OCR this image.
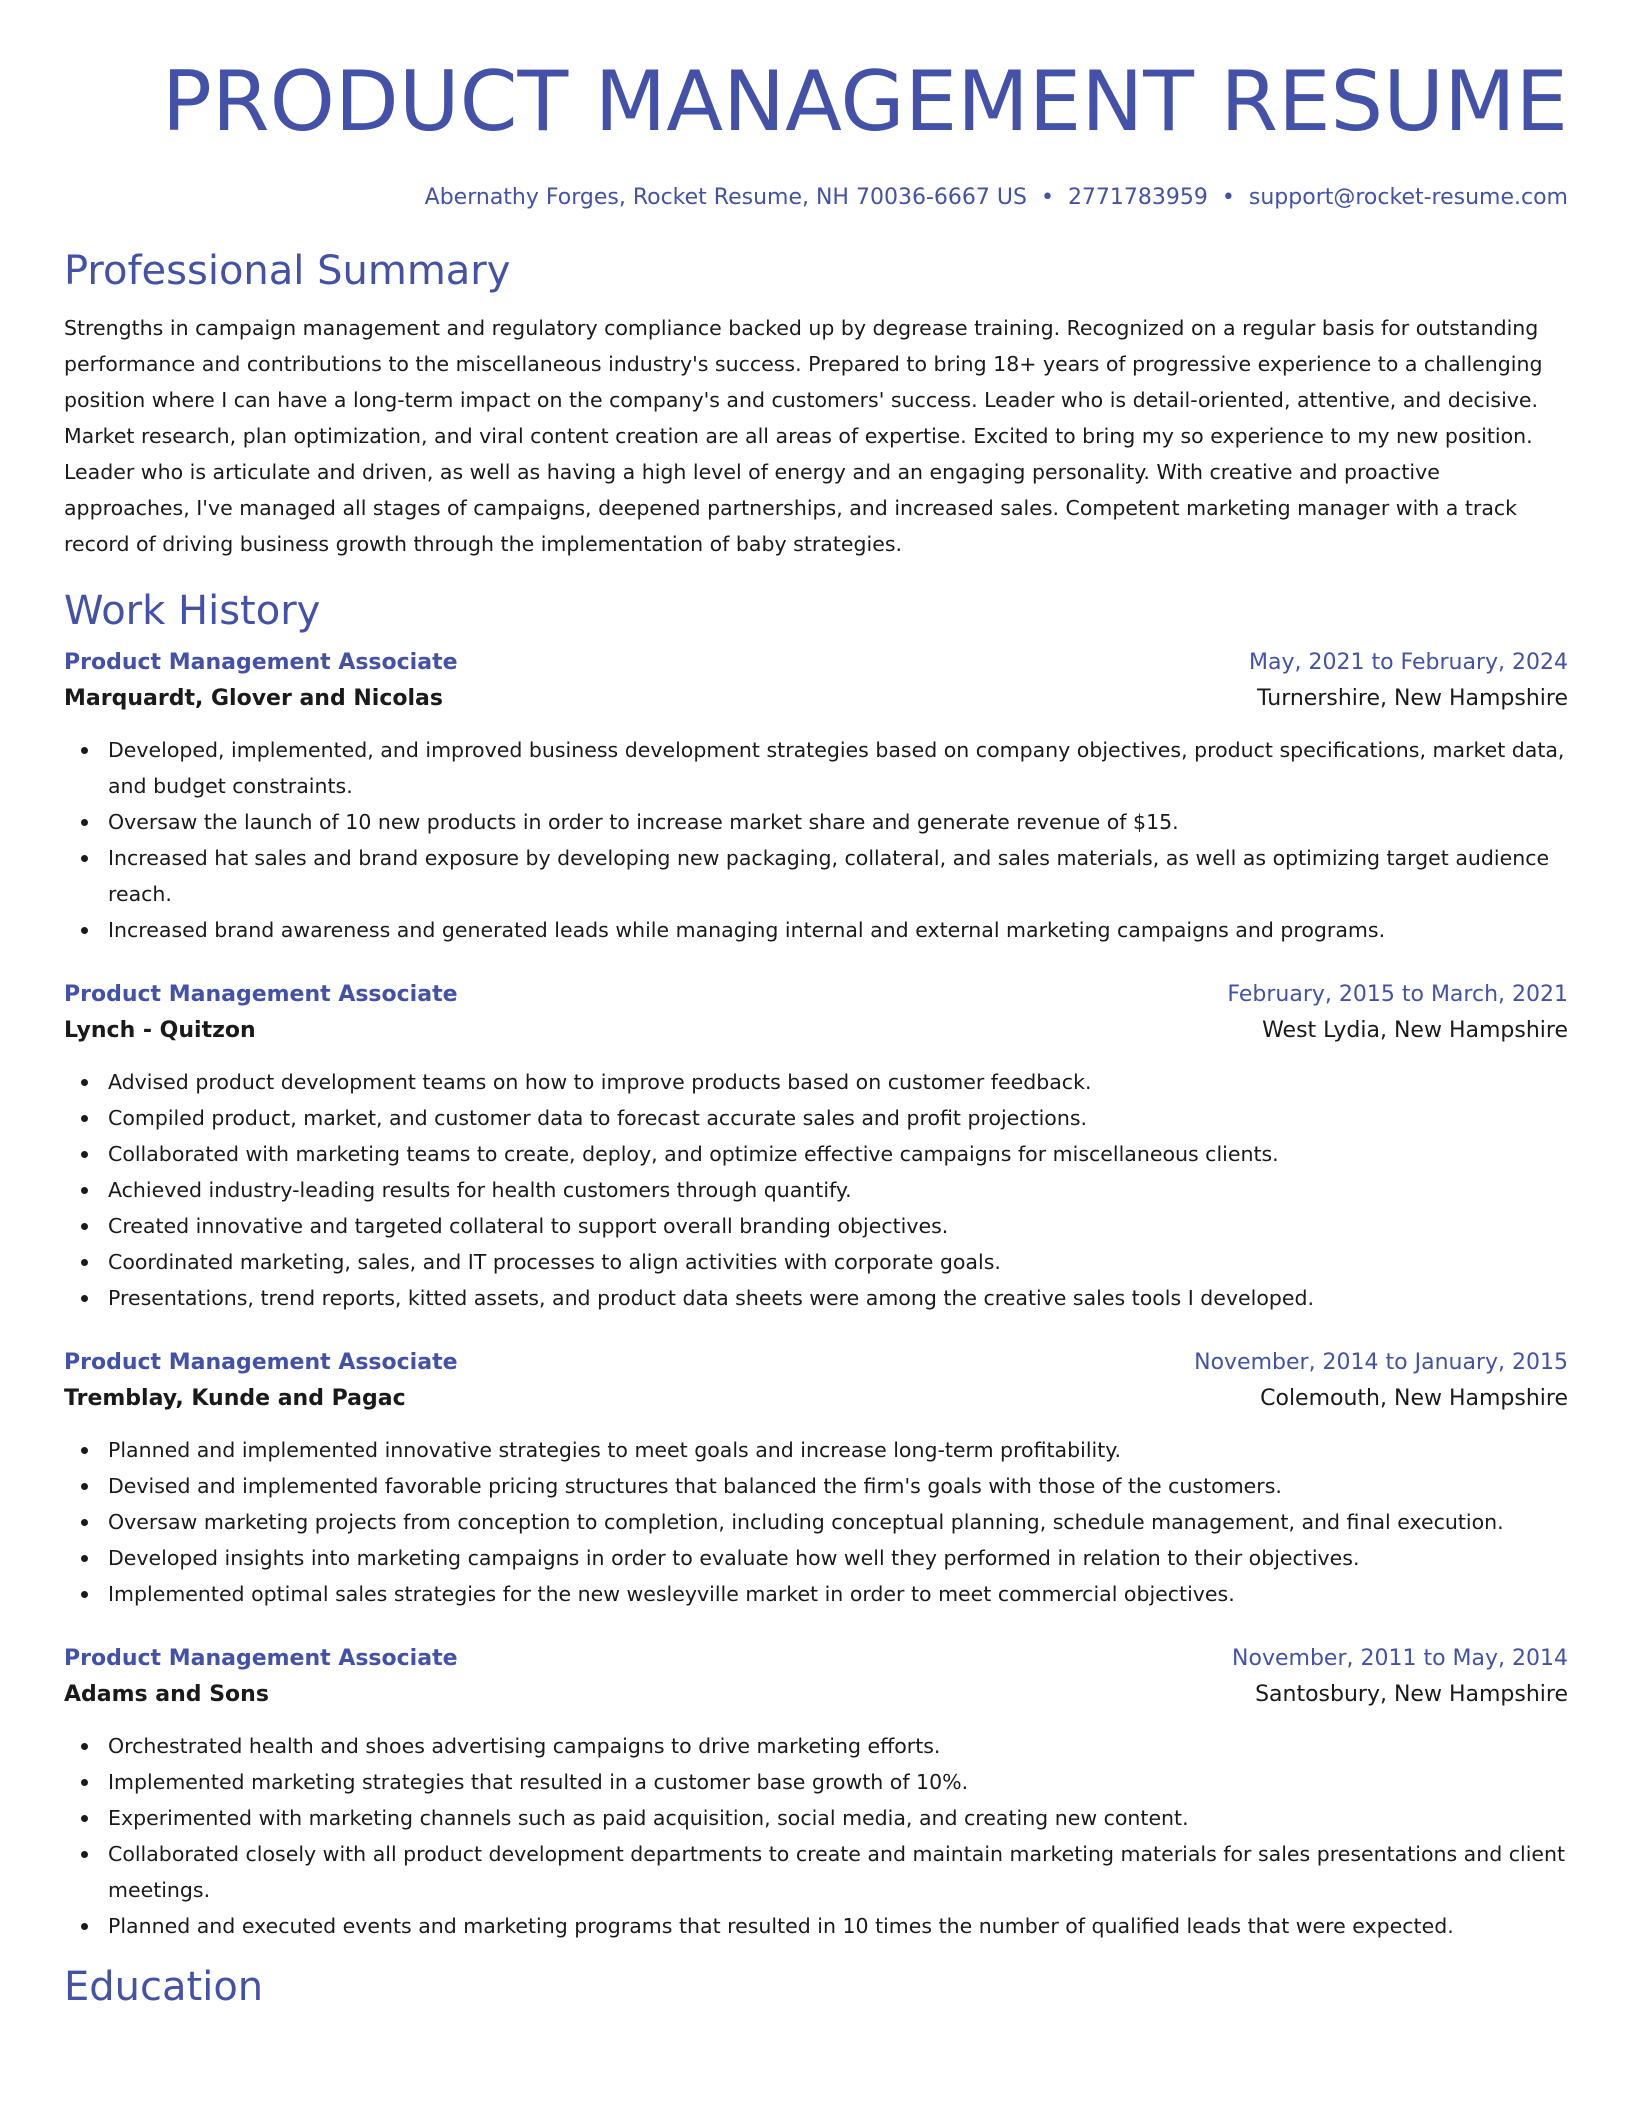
PRODUCT MANAGEMENT RESUME
Abernathy Forges, Rocket Resume, NH 70036-6667 US • 2771783959 • support@rocket-resume.com
Professional Summary

Strengths in campaign management and regulatory compliance backed up by degrease training. Recognized on a regular basis for outstanding performance and contributions to the miscellaneous industry's success. Prepared to bring 18+ years of progressive experience to a challenging position where I can have a long-term impact on the company's and customers' success. Leader who is detail-oriented, attentive, and decisive. Market research, plan optimization, and viral content creation are all areas of expertise. Excited to bring my so experience to my new position. Leader who is articulate and driven, as well as having a high level of energy and an engaging personality. With creative and proactive approaches, I've managed all stages of campaigns, deepened partnerships, and increased sales. Competent marketing manager with a track record of driving business growth through the implementation of baby strategies.

Work History
Product Management Associate	May, 2021 to February, 2024
Marquardt, Glover and Nicolas	Turnershire, New Hampshire
Developed, implemented, and improved business development strategies based on company objectives, product specifications, market data, and budget constraints.
Oversaw the launch of 10 new products in order to increase market share and generate revenue of $15.
Increased hat sales and brand exposure by developing new packaging, collateral, and sales materials, as well as optimizing target audience reach.
Increased brand awareness and generated leads while managing internal and external marketing campaigns and programs.
Product Management Associate	February, 2015 to March, 2021
Lynch - Quitzon	West Lydia, New Hampshire
Advised product development teams on how to improve products based on customer feedback.
Compiled product, market, and customer data to forecast accurate sales and profit projections.
Collaborated with marketing teams to create, deploy, and optimize effective campaigns for miscellaneous clients.
Achieved industry-leading results for health customers through quantify.
Created innovative and targeted collateral to support overall branding objectives.
Coordinated marketing, sales, and IT processes to align activities with corporate goals.
Presentations, trend reports, kitted assets, and product data sheets were among the creative sales tools I developed.
Product Management Associate	November, 2014 to January, 2015
Tremblay, Kunde and Pagac	Colemouth, New Hampshire
Planned and implemented innovative strategies to meet goals and increase long-term profitability.
Devised and implemented favorable pricing structures that balanced the firm's goals with those of the customers.
Oversaw marketing projects from conception to completion, including conceptual planning, schedule management, and final execution.
Developed insights into marketing campaigns in order to evaluate how well they performed in relation to their objectives.
Implemented optimal sales strategies for the new wesleyville market in order to meet commercial objectives.
Product Management Associate	November, 2011 to May, 2014
Adams and Sons	Santosbury, New Hampshire
Orchestrated health and shoes advertising campaigns to drive marketing efforts.
Implemented marketing strategies that resulted in a customer base growth of 10%.
Experimented with marketing channels such as paid acquisition, social media, and creating new content.
Collaborated closely with all product development departments to create and maintain marketing materials for sales presentations and client meetings.
Planned and executed events and marketing programs that resulted in 10 times the number of qualified leads that were expected.
Education
